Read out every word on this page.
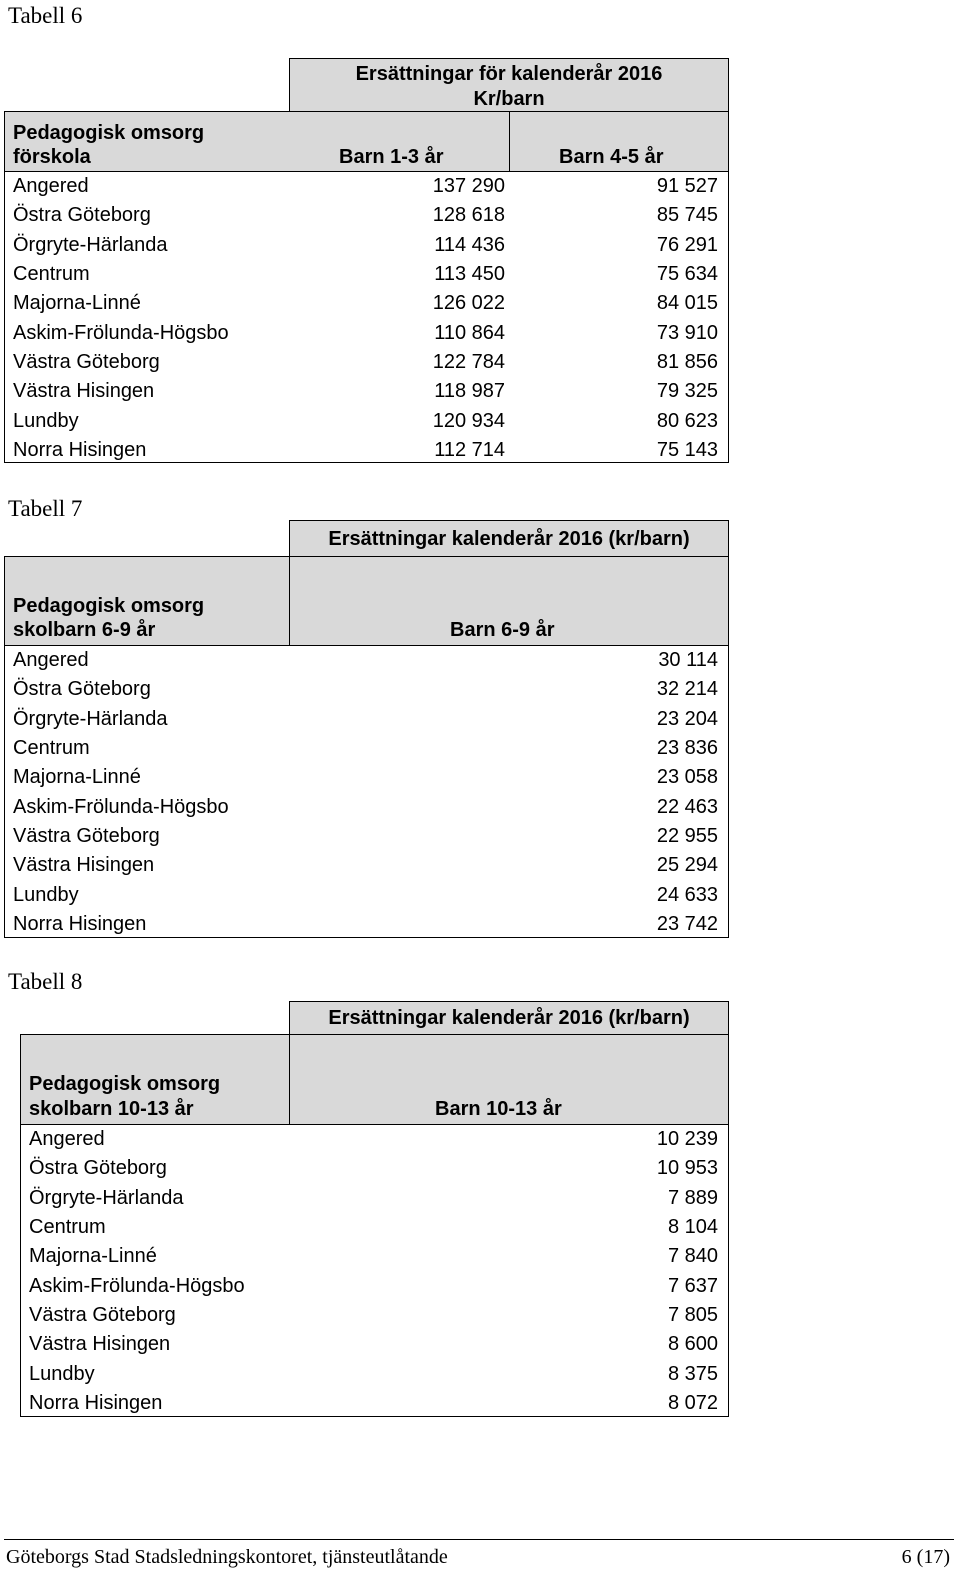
Tabell 6
Ersättningar för kalenderår 2016
Kr/barn
Pedagogisk omsorg
förskola	Barn 1-3 år	Barn 4-5 år
Angered	137 290	91 527
Östra Göteborg	128 618	85 745
Örgryte-Härlanda	114 436	76 291
Centrum	113 450	75 634
Majorna-Linné	126 022	84 015
Askim-Frölunda-Högsbo	110 864	73 910
Västra Göteborg	122 784	81 856
Västra Hisingen	118 987	79 325
Lundby	120 934	80 623
Norra Hisingen	112 714	75 143
Tabell 7
Ersättningar kalenderår 2016 (kr/barn)
Pedagogisk omsorg
skolbarn 6-9 år	Barn 6-9 år
Angered	30 114
Östra Göteborg	32 214
Örgryte-Härlanda	23 204
Centrum	23 836
Majorna-Linné	23 058
Askim-Frölunda-Högsbo	22 463
Västra Göteborg	22 955
Västra Hisingen	25 294
Lundby	24 633
Norra Hisingen	23 742
Tabell 8
Ersättningar kalenderår 2016 (kr/barn)
Pedagogisk omsorg
skolbarn 10-13 år	Barn 10-13 år
Angered	10 239
Östra Göteborg	10 953
Örgryte-Härlanda	7 889
Centrum	8 104
Majorna-Linné	7 840
Askim-Frölunda-Högsbo	7 637
Västra Göteborg	7 805
Västra Hisingen	8 600
Lundby	8 375
Norra Hisingen	8 072
Göteborgs Stad Stadsledningskontoret, tjänsteutlåtande	6 (17)
